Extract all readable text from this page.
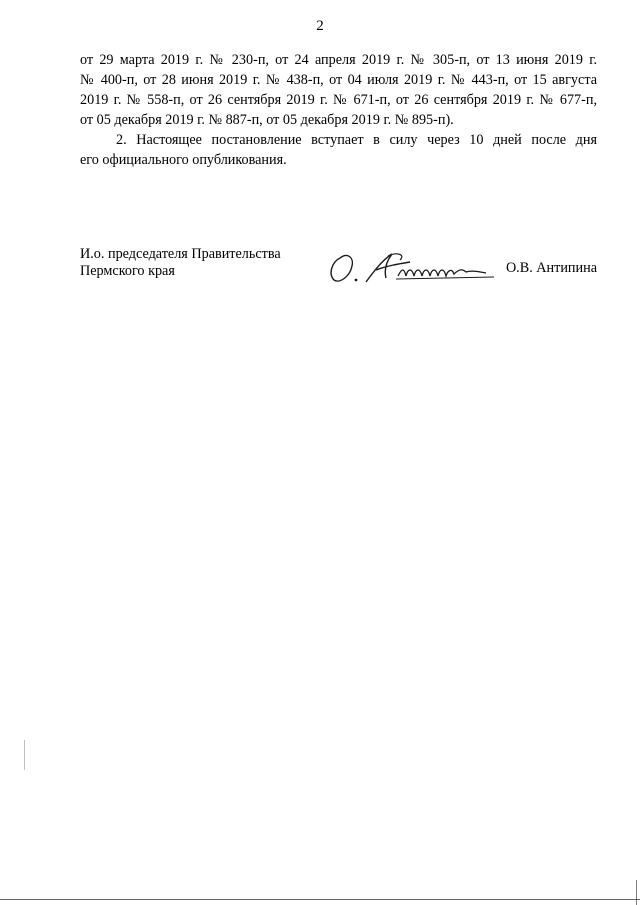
2
от 29 марта 2019 г. № 230-п, от 24 апреля 2019 г. № 305-п, от 13 июня 2019 г.
№ 400-п, от 28 июня 2019 г. № 438-п, от 04 июля 2019 г. № 443-п, от 15 августа
2019 г. № 558-п, от 26 сентября 2019 г. № 671-п, от 26 сентября 2019 г. № 677-п,
от 05 декабря 2019 г. № 887-п, от 05 декабря 2019 г. № 895-п).
2. Настоящее постановление вступает в силу через 10 дней после дня
его официального опубликования.
И.о. председателя Правительства
Пермского края	О.В. Антипина
